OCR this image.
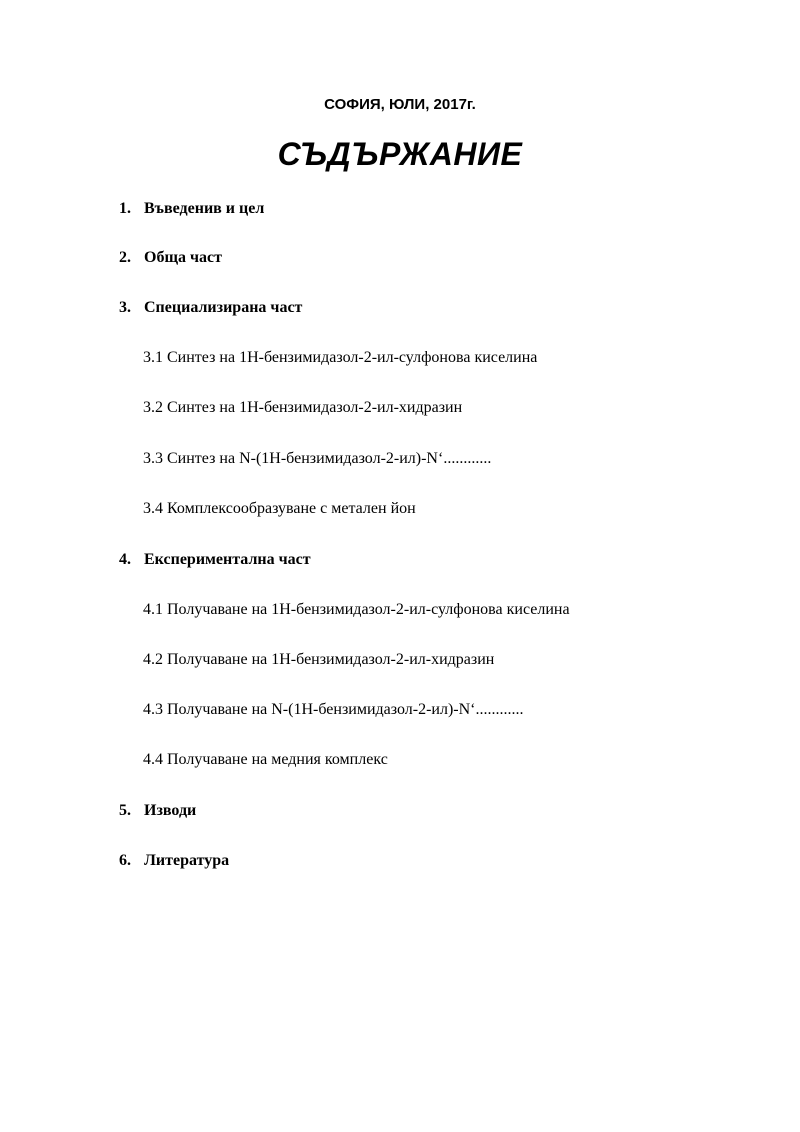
СОФИЯ, ЮЛИ, 2017г.
СЪДЪРЖАНИЕ
1. Въведенив и цел
2. Обща част
3. Специализирана част
3.1 Синтез на 1Н-бензимидазол-2-ил-сулфонова киселина
3.2 Синтез на 1Н-бензимидазол-2-ил-хидразин
3.3 Синтез на N-(1Н-бензимидазол-2-ил)-N‘............
3.4 Комплексообразуване с метален йон
4. Експериментална част
4.1 Получаване на 1Н-бензимидазол-2-ил-сулфонова киселина
4.2 Получаване на 1Н-бензимидазол-2-ил-хидразин
4.3 Получаване на N-(1Н-бензимидазол-2-ил)-N‘............
4.4 Получаване на медния комплекс
5. Изводи
6. Литература
